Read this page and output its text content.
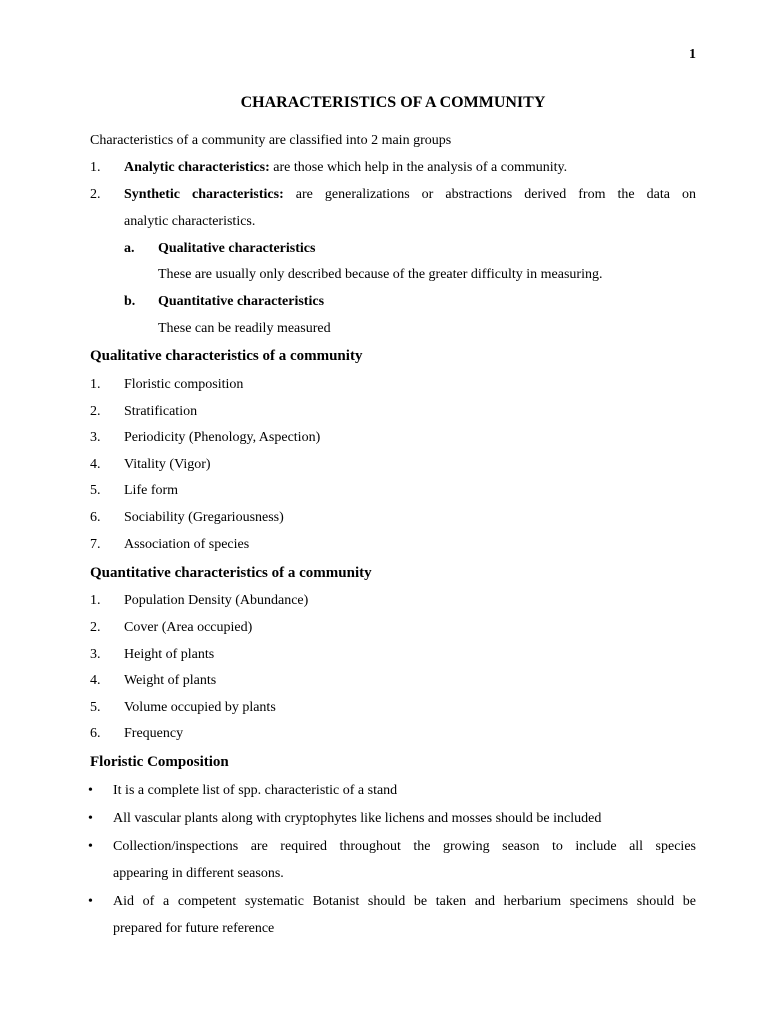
1
CHARACTERISTICS OF A COMMUNITY
Characteristics of a community are classified into 2 main groups
1. Analytic characteristics: are those which help in the analysis of a community.
2. Synthetic characteristics: are generalizations or abstractions derived from the data on
analytic characteristics.
a. Qualitative characteristics
These are usually only described because of the greater difficulty in measuring.
b. Quantitative characteristics
These can be readily measured
Qualitative characteristics of a community
1. Floristic composition
2. Stratification
3. Periodicity (Phenology, Aspection)
4. Vitality (Vigor)
5. Life form
6. Sociability (Gregariousness)
7. Association of species
Quantitative characteristics of a community
1. Population Density (Abundance)
2. Cover (Area occupied)
3. Height of plants
4. Weight of plants
5. Volume occupied by plants
6. Frequency
Floristic Composition
• It is a complete list of spp. characteristic of a stand
• All vascular plants along with cryptophytes like lichens and mosses should be included
• Collection/inspections are required throughout the growing season to include all species
appearing in different seasons.
• Aid of a competent systematic Botanist should be taken and herbarium specimens should be
prepared for future reference
